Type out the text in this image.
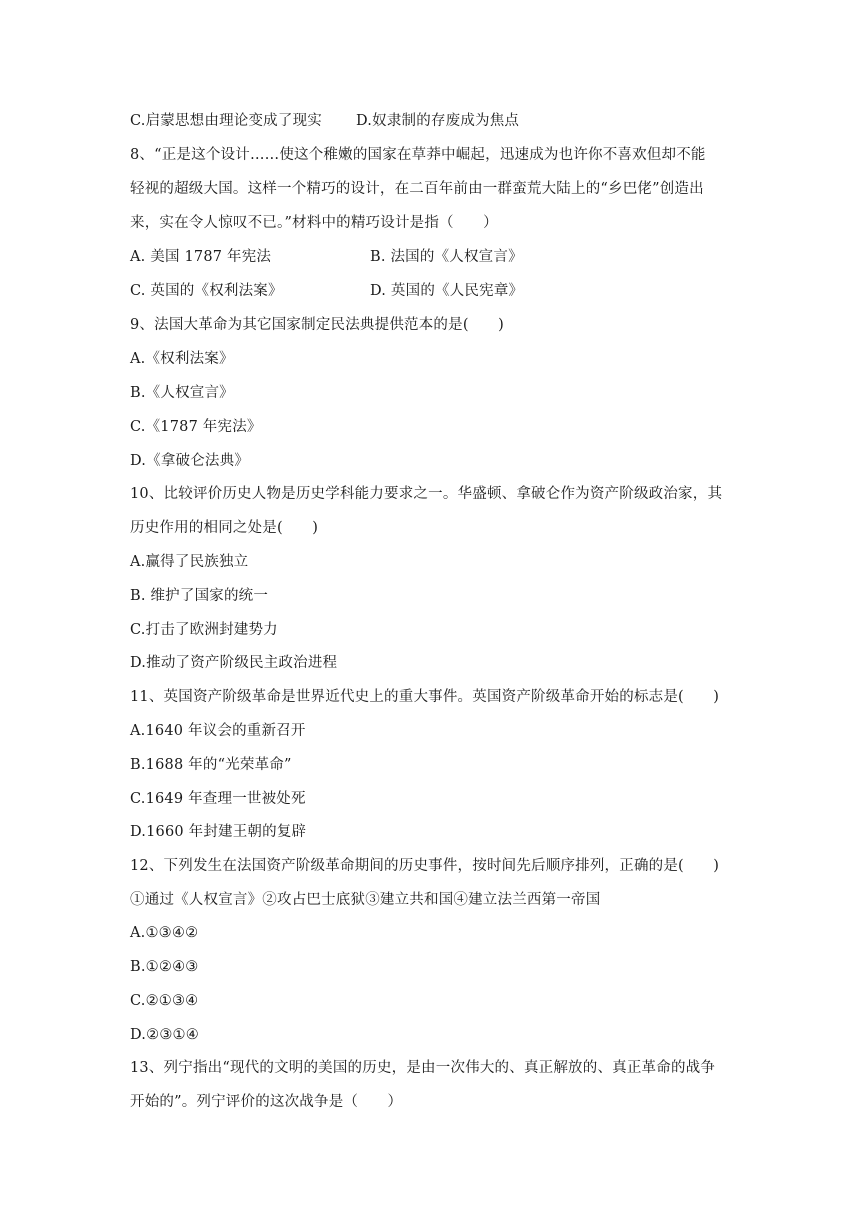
C.启蒙思想由理论变成了现实 D.奴隶制的存废成为焦点
8、“正是这个设计……使这个稚嫩的国家在草莽中崛起，迅速成为也许你不喜欢但却不能
轻视的超级大国。这样一个精巧的设计，在二百年前由一群蛮荒大陆上的“乡巴佬”创造出
来，实在令人惊叹不已。”材料中的精巧设计是指（　　）
A. 美国 1787 年宪法	B. 法国的《人权宣言》
C. 英国的《权利法案》	D. 英国的《人民宪章》
9、法国大革命为其它国家制定民法典提供范本的是(　　)
A.《权利法案》
B.《人权宣言》
C.《1787 年宪法》
D.《拿破仑法典》
10、比较评价历史人物是历史学科能力要求之一。华盛顿、拿破仑作为资产阶级政治家，其
历史作用的相同之处是(　　)
A.赢得了民族独立
B. 维护了国家的统一
C.打击了欧洲封建势力
D.推动了资产阶级民主政治进程
11、英国资产阶级革命是世界近代史上的重大事件。英国资产阶级革命开始的标志是(　　)
A.1640 年议会的重新召开
B.1688 年的“光荣革命”
C.1649 年查理一世被处死
D.1660 年封建王朝的复辟
12、下列发生在法国资产阶级革命期间的历史事件，按时间先后顺序排列，正确的是(　　)
①通过《人权宣言》②攻占巴士底狱③建立共和国④建立法兰西第一帝国
A.①③④②
B.①②④③
C.②①③④
D.②③①④
13、列宁指出“现代的文明的美国的历史，是由一次伟大的、真正解放的、真正革命的战争
开始的”。列宁评价的这次战争是（　　）
